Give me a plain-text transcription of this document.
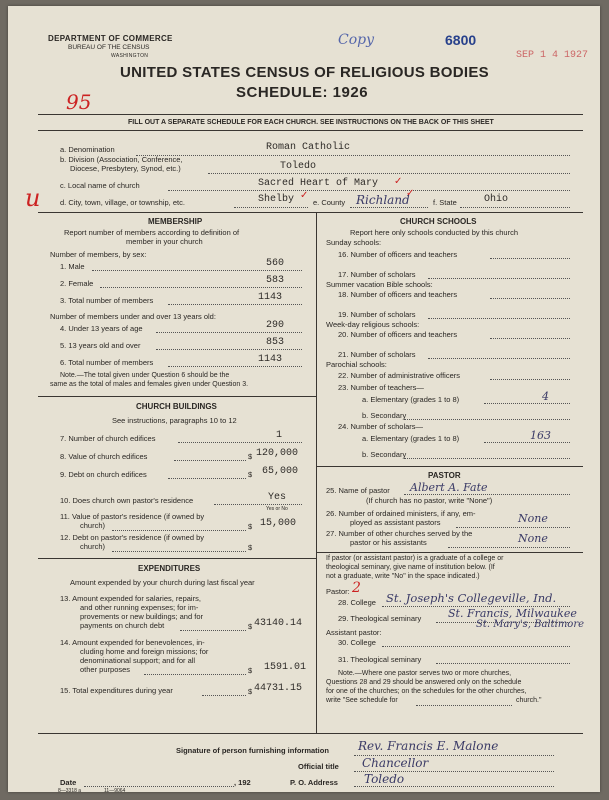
DEPARTMENT OF COMMERCE
BUREAU OF THE CENSUS
WASHINGTON
Copy	6800
SEP 1 4 1927
UNITED STATES CENSUS OF RELIGIOUS BODIES
SCHEDULE: 1926
95
FILL OUT A SEPARATE SCHEDULE FOR EACH CHURCH. SEE INSTRUCTIONS ON THE BACK OF THIS SHEET
u
a. Denomination	Roman Catholic
b. Division (Association, Conference,
Diocese, Presbytery, Synod, etc.)	Toledo
c. Local name of church	Sacred Heart of Mary ✓
d. City, town, village, or township, etc.	Shelby ✓
e. County Richland
✓
f. State	Ohio
MEMBERSHIP
Report number of members according to definition of
member in your church
Number of members, by sex:
1. Male	560
2. Female	583
3. Total number of members	1143
Number of members under and over 13 years old:
4. Under 13 years of age	290
5. 13 years old and over	853
6. Total number of members	1143
Note.—The total given under Question 6 should be the
same as the total of males and females given under Question 3.
CHURCH BUILDINGS
See instructions, paragraphs 10 to 12
7. Number of church edifices	1
8. Value of church edifices	$ 120,000
9. Debt on church edifices	$ 65,000
10. Does church own pastor's residence	Yes
Yes or No
11. Value of pastor's residence (if owned by
church)	$ 15,000
12. Debt on pastor's residence (if owned by
church)	$
EXPENDITURES
Amount expended by your church during last fiscal year
13. Amount expended for salaries, repairs,
and other running expenses; for im-
provements or new buildings; and for
payments on church debt	$ 43140.14
14. Amount expended for benevolences, in-
cluding home and foreign missions; for
denominational support; and for all
other purposes	$ 1591.01
15. Total expenditures during year	$ 44731.15
CHURCH SCHOOLS
Report here only schools conducted by this church
Sunday schools:
16. Number of officers and teachers
17. Number of scholars
Summer vacation Bible schools:
18. Number of officers and teachers
19. Number of scholars
Week-day religious schools:
20. Number of officers and teachers
21. Number of scholars
Parochial schools:
22. Number of administrative officers
23. Number of teachers—
a. Elementary (grades 1 to 8)	4
b. Secondary
24. Number of scholars—
a. Elementary (grades 1 to 8)	163
b. Secondary
PASTOR
25. Name of pastor Albert A. Fate
(If church has no pastor, write "None")
26. Number of ordained ministers, if any, em-
ployed as assistant pastors	None
27. Number of other churches served by the
pastor or his assistants	None
If pastor (or assistant pastor) is a graduate of a college or
theological seminary, give name of institution below. (If
not a graduate, write "No" in the space indicated.)
Pastor: 2
28. College St. Joseph's Collegeville, Ind.
29. Theological seminary St. Francis, Milwaukee
St. Mary's, Baltimore
Assistant pastor:
30. College
31. Theological seminary
Note.—Where one pastor serves two or more churches,
Questions 28 and 29 should be answered only on the schedule
for one of the churches; on the schedules for the other churches,
write "See schedule for	church."
Signature of person furnishing information Rev. Francis E. Malone
Official title Chancellor
Date	, 192	P. O. Address Toledo
8—3318 a	11—9064
